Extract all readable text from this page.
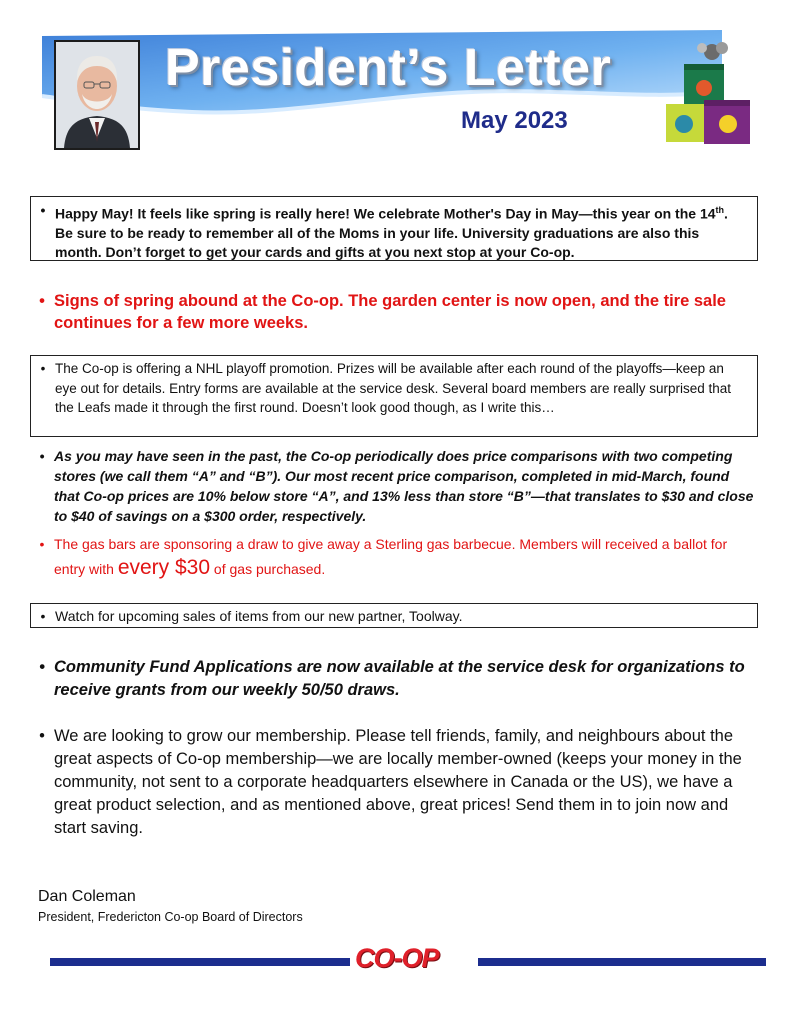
President’s Letter
May 2023
• Happy May! It feels like spring is really here! We celebrate Mother's Day in May—this year on the 14th. Be sure to be ready to remember all of the Moms in your life. University graduations are also this month. Don’t forget to get your cards and gifts at you next stop at your Co-op.
• Signs of spring abound at the Co-op. The garden center is now open, and the tire sale continues for a few more weeks.
• The Co-op is offering a NHL playoff promotion. Prizes will be available after each round of the playoffs—keep an eye out for details. Entry forms are available at the service desk. Several board members are really surprised that the Leafs made it through the first round. Doesn’t look good though, as I write this…
• As you may have seen in the past, the Co-op periodically does price comparisons with two competing stores (we call them “A” and “B”). Our most recent price comparison, completed in mid-March, found that Co-op prices are 10% below store “A”, and 13% less than store “B”—that translates to $30 and close to $40 of savings on a $300 order, respectively.
• The gas bars are sponsoring a draw to give away a Sterling gas barbecue. Members will received a ballot for entry with every $30 of gas purchased.
• Watch for upcoming sales of items from our new partner, Toolway.
• Community Fund Applications are now available at the service desk for organizations to receive grants from our weekly 50/50 draws.
• We are looking to grow our membership. Please tell friends, family, and neighbours about the great aspects of Co-op membership—we are locally member-owned (keeps your money in the community, not sent to a corporate headquarters elsewhere in Canada or the US), we have a great product selection, and as mentioned above, great prices! Send them in to join now and start saving.
Dan Coleman
President, Fredericton Co-op Board of Directors
CO-OP
